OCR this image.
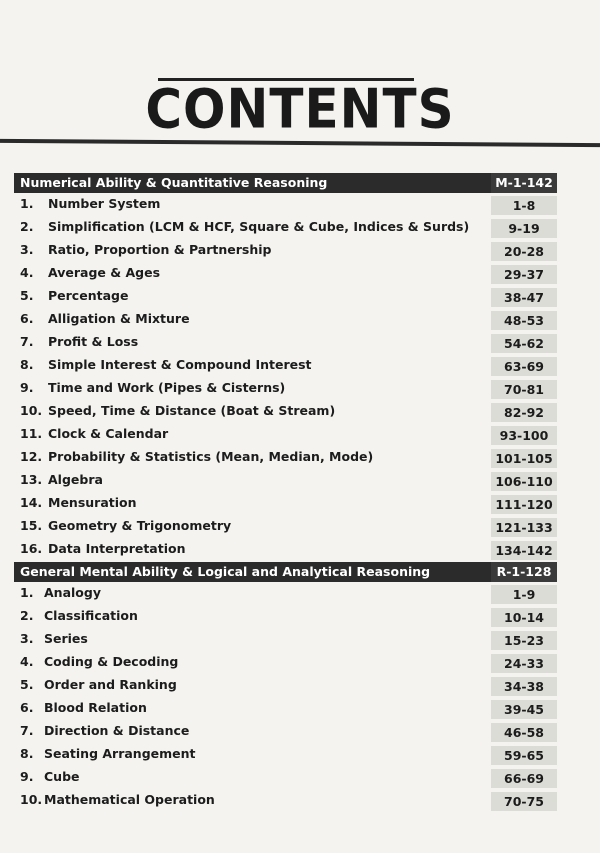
CONTENTS
Numerical Ability & Quantitative Reasoning	M-1-142
1. Number System	1-8
2. Simplification (LCM & HCF, Square & Cube, Indices & Surds)	9-19
3. Ratio, Proportion & Partnership	20-28
4. Average & Ages	29-37
5. Percentage	38-47
6. Alligation & Mixture	48-53
7. Profit & Loss	54-62
8. Simple Interest & Compound Interest	63-69
9. Time and Work (Pipes & Cisterns)	70-81
10. Speed, Time & Distance (Boat & Stream)	82-92
11. Clock & Calendar	93-100
12. Probability & Statistics (Mean, Median, Mode)	101-105
13. Algebra	106-110
14. Mensuration	111-120
15. Geometry & Trigonometry	121-133
16. Data Interpretation	134-142
General Mental Ability & Logical and Analytical Reasoning	R-1-128
1. Analogy	1-9
2. Classification	10-14
3. Series	15-23
4. Coding & Decoding	24-33
5. Order and Ranking	34-38
6. Blood Relation	39-45
7. Direction & Distance	46-58
8. Seating Arrangement	59-65
9. Cube	66-69
10. Mathematical Operation	70-75
